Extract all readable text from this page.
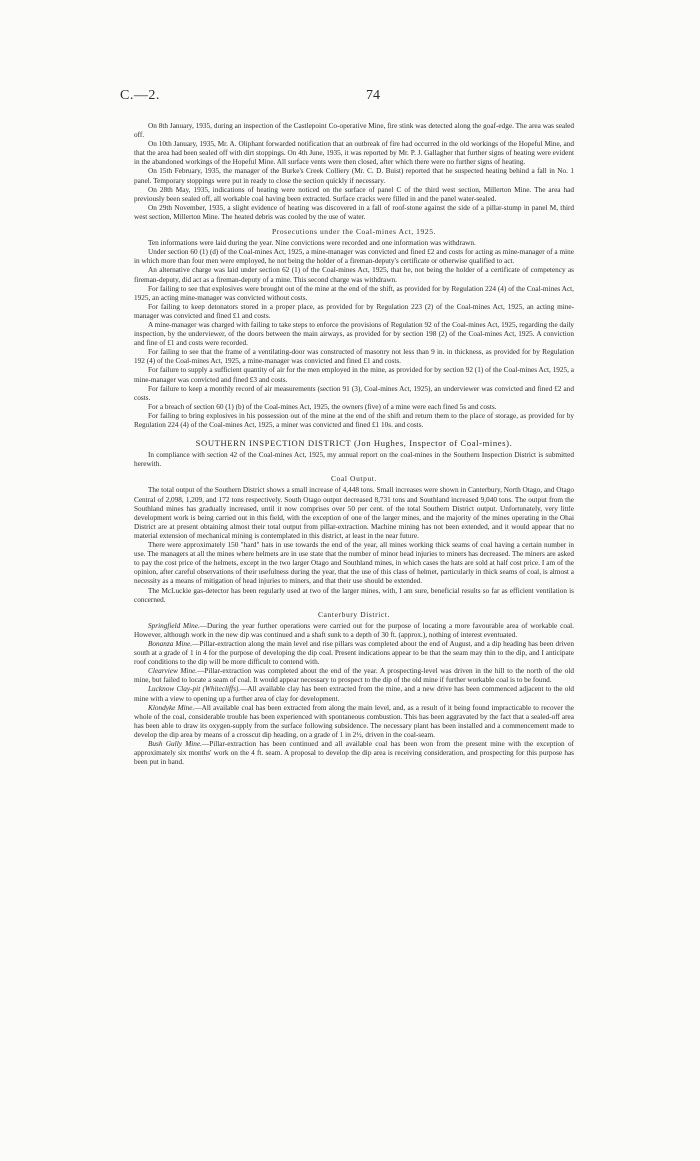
C.—2.	74

On 8th January, 1935, during an inspection of the Castlepoint Co-operative Mine, fire stink was detected along the goaf-edge. The area was sealed off.

On 10th January, 1935, Mr. A. Oliphant forwarded notification that an outbreak of fire had occurred in the old workings of the Hopeful Mine, and that the area had been sealed off with dirt stoppings. On 4th June, 1935, it was reported by Mr. P. J. Gallagher that further signs of heating were evident in the abandoned workings of the Hopeful Mine. All surface vents were then closed, after which there were no further signs of heating.

On 15th February, 1935, the manager of the Burke's Creek Colliery (Mr. C. D. Buist) reported that he suspected heating behind a fall in No. 1 panel. Temporary stoppings were put in ready to close the section quickly if necessary.

On 28th May, 1935, indications of heating were noticed on the surface of panel C of the third west section, Millerton Mine. The area had previously been sealed off, all workable coal having been extracted. Surface cracks were filled in and the panel water-sealed.

On 29th November, 1935, a slight evidence of heating was discovered in a fall of roof-stone against the side of a pillar-stump in panel M, third west section, Millerton Mine. The heated debris was cooled by the use of water.

Prosecutions under the Coal-mines Act, 1925.

Ten informations were laid during the year. Nine convictions were recorded and one information was withdrawn.

Under section 60 (1) (d) of the Coal-mines Act, 1925, a mine-manager was convicted and fined £2 and costs for acting as mine-manager of a mine in which more than four men were employed, he not being the holder of a fireman-deputy's certificate or otherwise qualified to act.

An alternative charge was laid under section 62 (1) of the Coal-mines Act, 1925, that he, not being the holder of a certificate of competency as fireman-deputy, did act as a fireman-deputy of a mine. This second charge was withdrawn.

For failing to see that explosives were brought out of the mine at the end of the shift, as provided for by Regulation 224 (4) of the Coal-mines Act, 1925, an acting mine-manager was convicted without costs.

For failing to keep detonators stored in a proper place, as provided for by Regulation 223 (2) of the Coal-mines Act, 1925, an acting mine-manager was convicted and fined £1 and costs.

A mine-manager was charged with failing to take steps to enforce the provisions of Regulation 92 of the Coal-mines Act, 1925, regarding the daily inspection, by the underviewer, of the doors between the main airways, as provided for by section 198 (2) of the Coal-mines Act, 1925. A conviction and fine of £1 and costs were recorded.

For failing to see that the frame of a ventilating-door was constructed of masonry not less than 9 in. in thickness, as provided for by Regulation 192 (4) of the Coal-mines Act, 1925, a mine-manager was convicted and fined £1 and costs.

For failure to supply a sufficient quantity of air for the men employed in the mine, as provided for by section 92 (1) of the Coal-mines Act, 1925, a mine-manager was convicted and fined £3 and costs.

For failure to keep a monthly record of air measurements (section 91 (3), Coal-mines Act, 1925), an underviewer was convicted and fined £2 and costs.

For a breach of section 60 (1) (b) of the Coal-mines Act, 1925, the owners (five) of a mine were each fined 5s and costs.

For failing to bring explosives in his possession out of the mine at the end of the shift and return them to the place of storage, as provided for by Regulation 224 (4) of the Coal-mines Act, 1925, a miner was convicted and fined £1 10s. and costs.

SOUTHERN INSPECTION DISTRICT (Jon Hughes, Inspector of Coal-mines).

In compliance with section 42 of the Coal-mines Act, 1925, my annual report on the coal-mines in the Southern Inspection District is submitted herewith.

Coal Output.

The total output of the Southern District shows a small increase of 4,448 tons. Small increases were shown in Canterbury, North Otago, and Otago Central of 2,098, 1,209, and 172 tons respectively. South Otago output decreased 8,731 tons and Southland increased 9,040 tons. The output from the Southland mines has gradually increased, until it now comprises over 50 per cent. of the total Southern District output. Unfortunately, very little development work is being carried out in this field, with the exception of one of the larger mines, and the majority of the mines operating in the Ohai District are at present obtaining almost their total output from pillar-extraction. Machine mining has not been extended, and it would appear that no material extension of mechanical mining is contemplated in this district, at least in the near future.

There were approximately 150 "hard" hats in use towards the end of the year, all mines working thick seams of coal having a certain number in use. The managers at all the mines where helmets are in use state that the number of minor head injuries to miners has decreased. The miners are asked to pay the cost price of the helmets, except in the two larger Otago and Southland mines, in which cases the hats are sold at half cost price. I am of the opinion, after careful observations of their usefulness during the year, that the use of this class of helmet, particularly in thick seams of coal, is almost a necessity as a means of mitigation of head injuries to miners, and that their use should be extended.

The McLuckie gas-detector has been regularly used at two of the larger mines, with, I am sure, beneficial results so far as efficient ventilation is concerned.

Canterbury District.

Springfield Mine.—During the year further operations were carried out for the purpose of locating a more favourable area of workable coal. However, although work in the new dip was continued and a shaft sunk to a depth of 30 ft. (approx.), nothing of interest eventuated.

Bonanza Mine.—Pillar-extraction along the main level and rise pillars was completed about the end of August, and a dip heading has been driven south at a grade of 1 in 4 for the purpose of developing the dip coal. Present indications appear to be that the seam may thin to the dip, and I anticipate roof conditions to the dip will be more difficult to contend with.

Clearview Mine.—Pillar-extraction was completed about the end of the year. A prospecting-level was driven in the hill to the north of the old mine, but failed to locate a seam of coal. It would appear necessary to prospect to the dip of the old mine if further workable coal is to be found.

Lucknow Clay-pit (Whitecliffs).—All available clay has been extracted from the mine, and a new drive has been commenced adjacent to the old mine with a view to opening up a further area of clay for development.

Klondyke Mine.—All available coal has been extracted from along the main level, and, as a result of it being found impracticable to recover the whole of the coal, considerable trouble has been experienced with spontaneous combustion. This has been aggravated by the fact that a sealed-off area has been able to draw its oxygen-supply from the surface following subsidence. The necessary plant has been installed and a commencement made to develop the dip area by means of a crosscut dip heading, on a grade of 1 in 2½, driven in the coal-seam.

Bush Gully Mine.—Pillar-extraction has been continued and all available coal has been won from the present mine with the exception of approximately six months' work on the 4 ft. seam. A proposal to develop the dip area is receiving consideration, and prospecting for this purpose has been put in hand.
